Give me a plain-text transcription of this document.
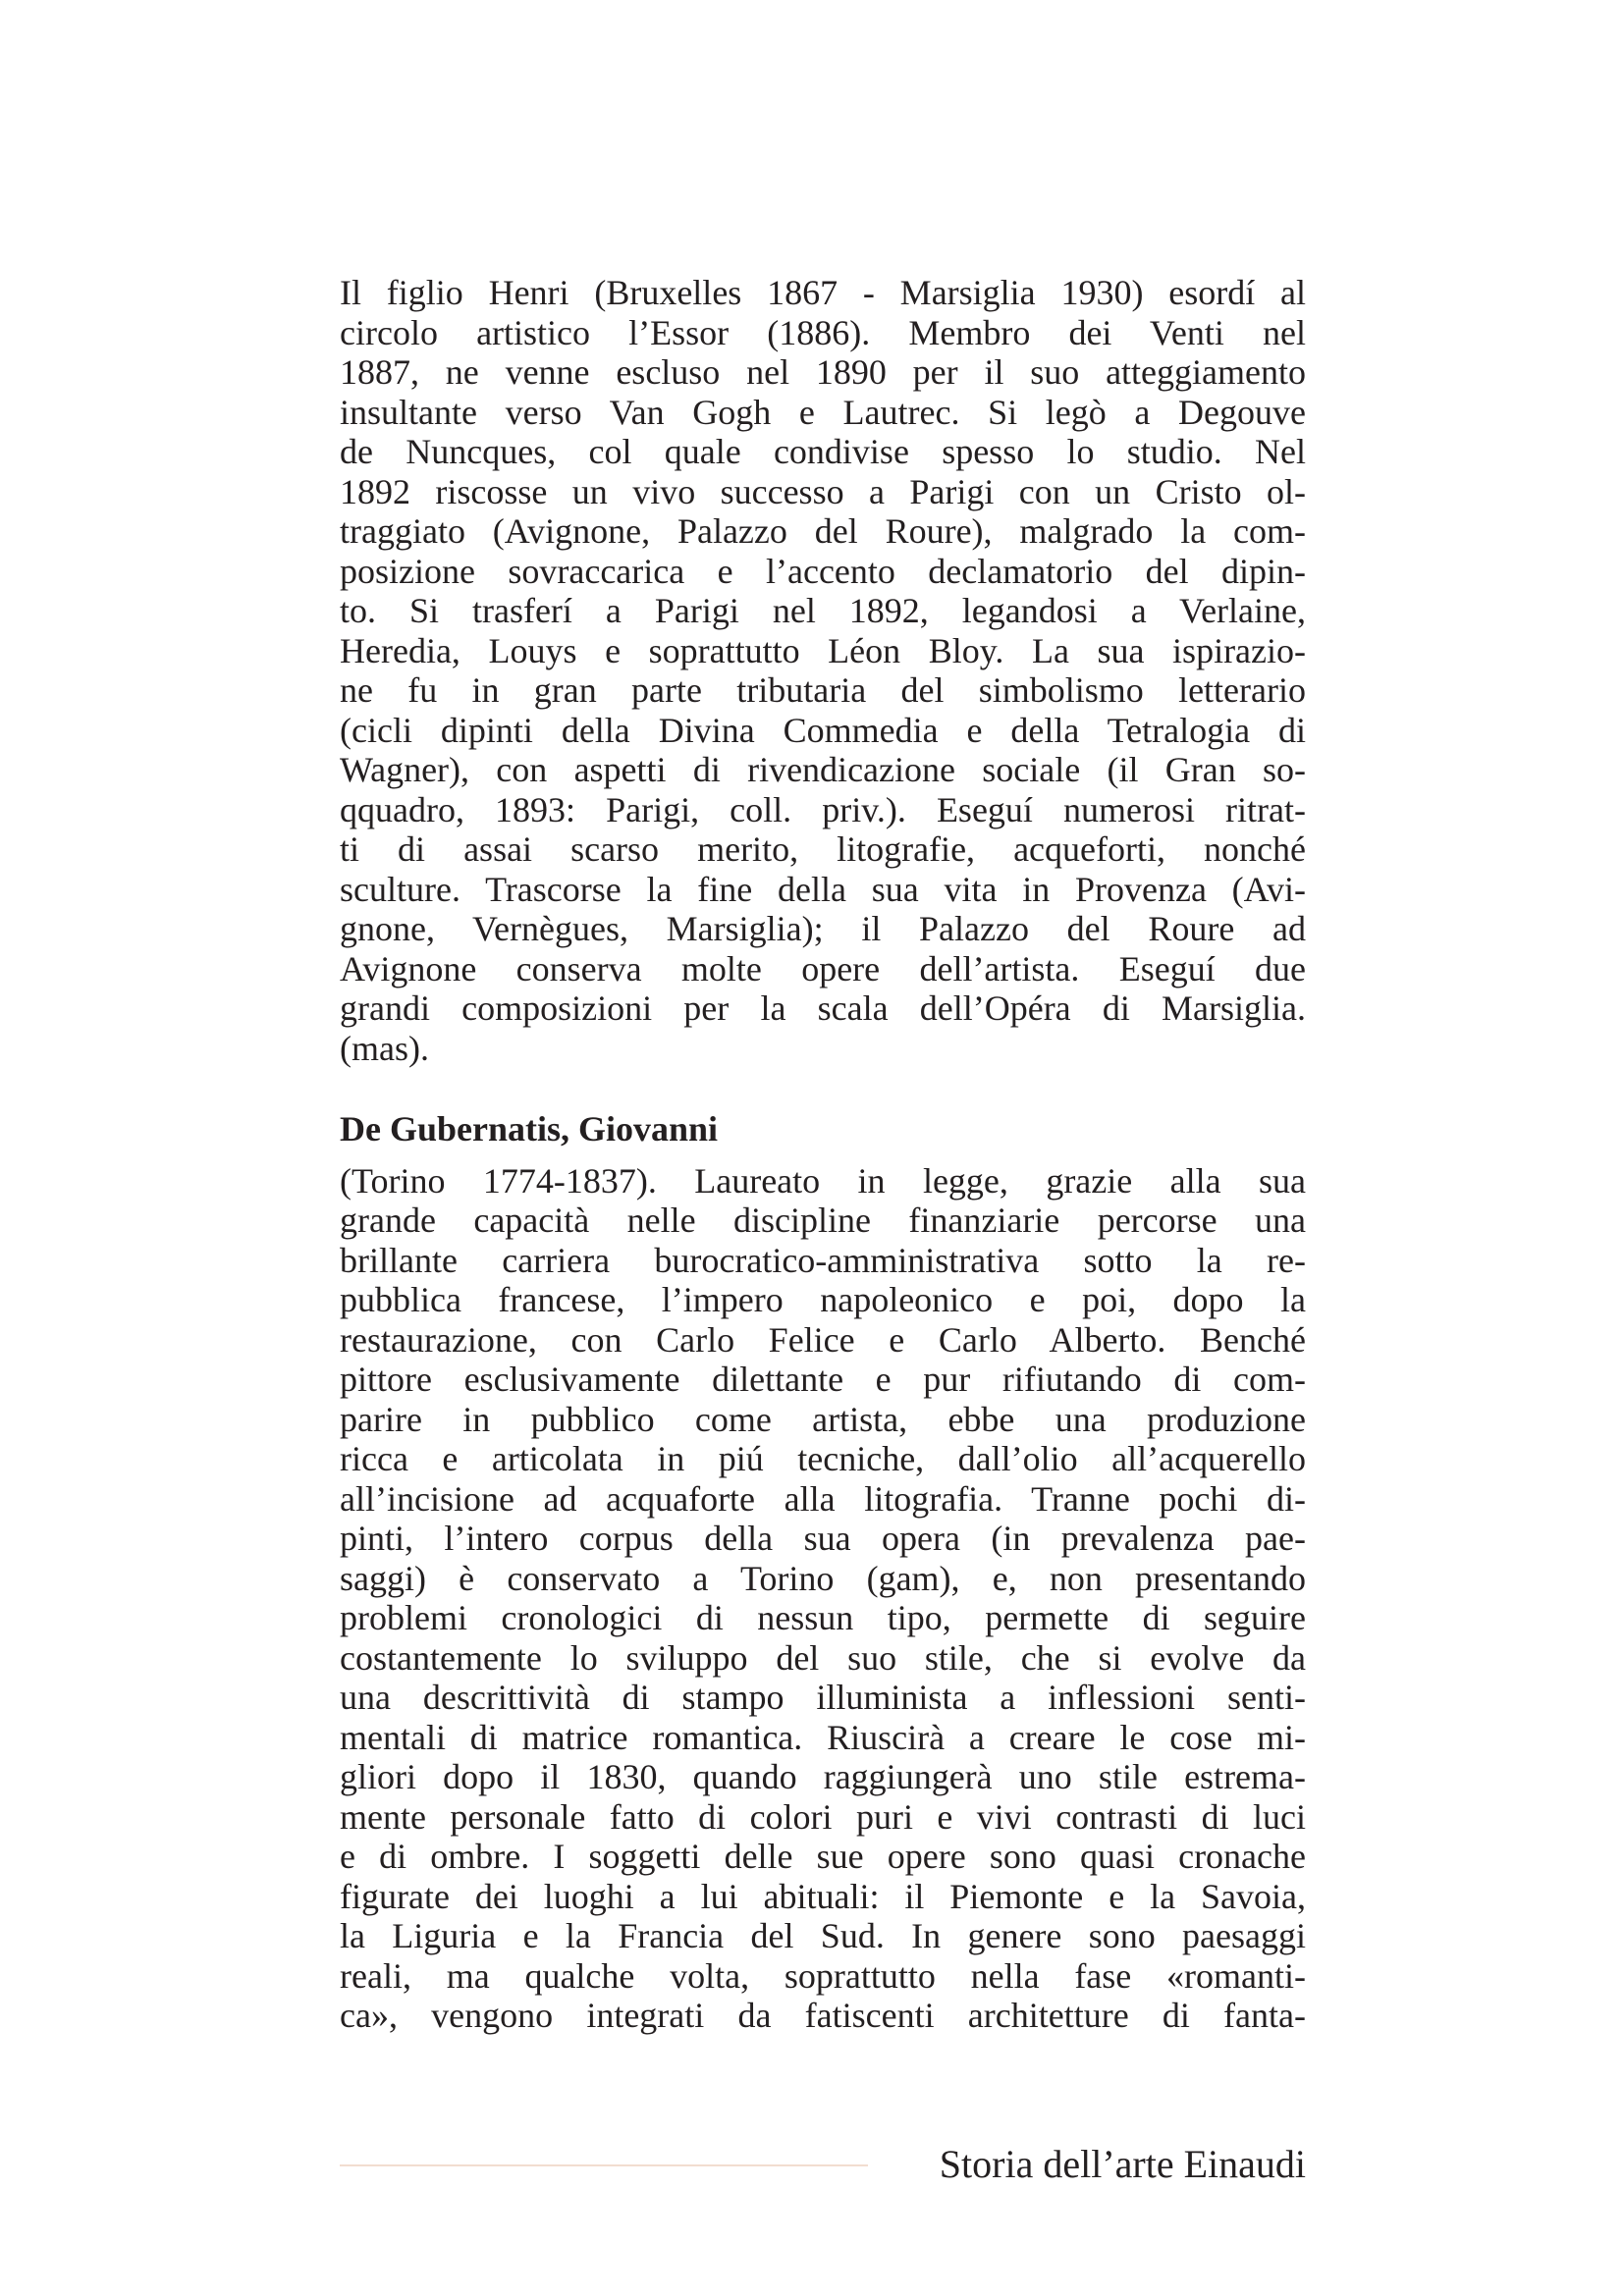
Il figlio Henri (Bruxelles 1867 - Marsiglia 1930) esordí al
circolo artistico l’Essor (1886). Membro dei Venti nel
1887, ne venne escluso nel 1890 per il suo atteggiamento
insultante verso Van Gogh e Lautrec. Si legò a Degouve
de Nuncques, col quale condivise spesso lo studio. Nel
1892 riscosse un vivo successo a Parigi con un Cristo ol-
traggiato (Avignone, Palazzo del Roure), malgrado la com-
posizione sovraccarica e l’accento declamatorio del dipin-
to. Si trasferí a Parigi nel 1892, legandosi a Verlaine,
Heredia, Louys e soprattutto Léon Bloy. La sua ispirazio-
ne fu in gran parte tributaria del simbolismo letterario
(cicli dipinti della Divina Commedia e della Tetralogia di
Wagner), con aspetti di rivendicazione sociale (il Gran so-
qquadro, 1893: Parigi, coll. priv.). Eseguí numerosi ritrat-
ti di assai scarso merito, litografie, acqueforti, nonché
sculture. Trascorse la fine della sua vita in Provenza (Avi-
gnone, Vernègues, Marsiglia); il Palazzo del Roure ad
Avignone conserva molte opere dell’artista. Eseguí due
grandi composizioni per la scala dell’Opéra di Marsiglia.
(mas).
De Gubernatis, Giovanni
(Torino 1774-1837). Laureato in legge, grazie alla sua
grande capacità nelle discipline finanziarie percorse una
brillante carriera burocratico-amministrativa sotto la re-
pubblica francese, l’impero napoleonico e poi, dopo la
restaurazione, con Carlo Felice e Carlo Alberto. Benché
pittore esclusivamente dilettante e pur rifiutando di com-
parire in pubblico come artista, ebbe una produzione
ricca e articolata in piú tecniche, dall’olio all’acquerello
all’incisione ad acquaforte alla litografia. Tranne pochi di-
pinti, l’intero corpus della sua opera (in prevalenza pae-
saggi) è conservato a Torino (gam), e, non presentando
problemi cronologici di nessun tipo, permette di seguire
costantemente lo sviluppo del suo stile, che si evolve da
una descrittività di stampo illuminista a inflessioni senti-
mentali di matrice romantica. Riuscirà a creare le cose mi-
gliori dopo il 1830, quando raggiungerà uno stile estrema-
mente personale fatto di colori puri e vivi contrasti di luci
e di ombre. I soggetti delle sue opere sono quasi cronache
figurate dei luoghi a lui abituali: il Piemonte e la Savoia,
la Liguria e la Francia del Sud. In genere sono paesaggi
reali, ma qualche volta, soprattutto nella fase «romanti-
ca», vengono integrati da fatiscenti architetture di fanta-
Storia dell’arte Einaudi
